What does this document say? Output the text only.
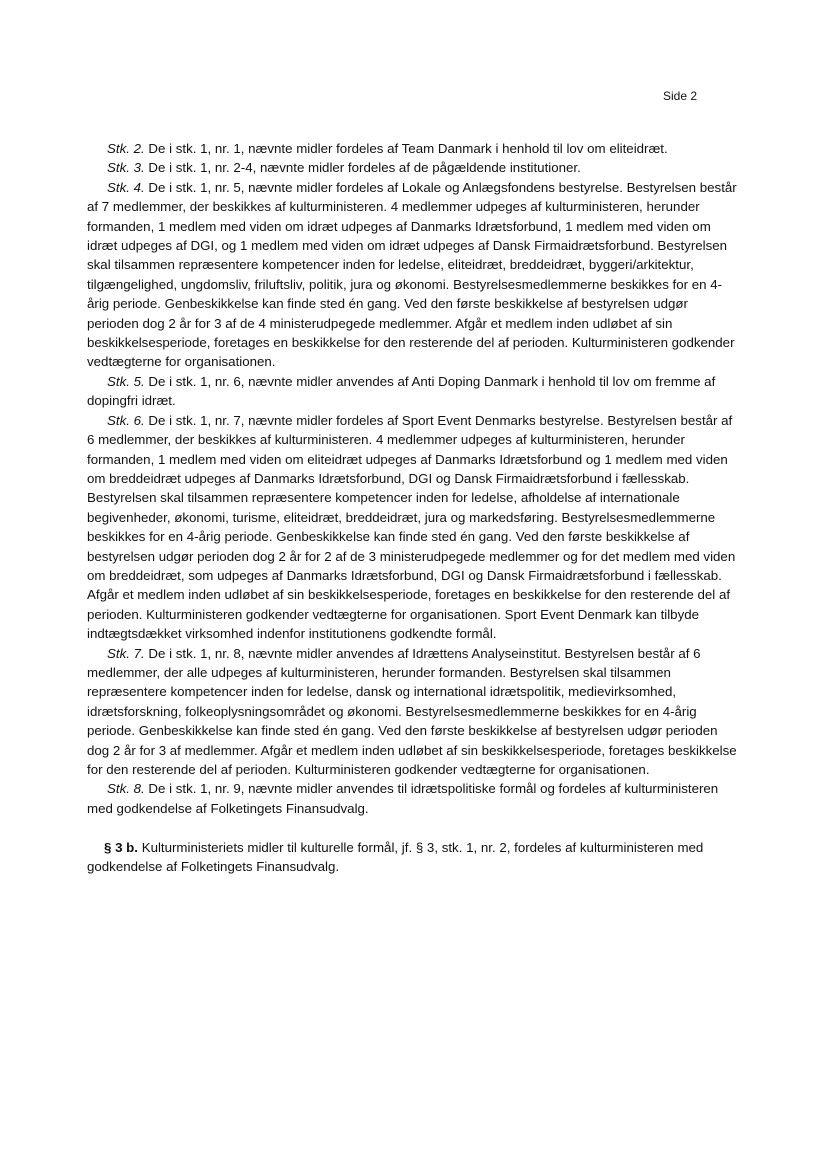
Side 2

Stk. 2. De i stk. 1, nr. 1, nævnte midler fordeles af Team Danmark i henhold til lov om eliteidræt.

Stk. 3. De i stk. 1, nr. 2-4, nævnte midler fordeles af de pågældende institutioner.

Stk. 4. De i stk. 1, nr. 5, nævnte midler fordeles af Lokale og Anlægsfondens bestyrelse. Bestyrelsen består af 7 medlemmer, der beskikkes af kulturministeren. 4 medlemmer udpeges af kulturministeren, herunder formanden, 1 medlem med viden om idræt udpeges af Danmarks Idrætsforbund, 1 medlem med viden om idræt udpeges af DGI, og 1 medlem med viden om idræt udpeges af Dansk Firmaidrætsforbund. Bestyrelsen skal tilsammen repræsentere kompetencer inden for ledelse, eliteidræt, breddeidræt, byggeri/arkitektur, tilgængelighed, ungdomsliv, friluftsliv, politik, jura og økonomi. Bestyrelsesmedlemmerne beskikkes for en 4-årig periode. Genbeskikkelse kan finde sted én gang. Ved den første beskikkelse af bestyrelsen udgør perioden dog 2 år for 3 af de 4 ministerudpegede medlemmer. Afgår et medlem inden udløbet af sin beskikkelsesperiode, foretages en beskikkelse for den resterende del af perioden. Kulturministeren godkender vedtægterne for organisationen.

Stk. 5. De i stk. 1, nr. 6, nævnte midler anvendes af Anti Doping Danmark i henhold til lov om fremme af dopingfri idræt.

Stk. 6. De i stk. 1, nr. 7, nævnte midler fordeles af Sport Event Denmarks bestyrelse. Bestyrelsen består af 6 medlemmer, der beskikkes af kulturministeren. 4 medlemmer udpeges af kulturministeren, herunder formanden, 1 medlem med viden om eliteidræt udpeges af Danmarks Idrætsforbund og 1 medlem med viden om breddeidræt udpeges af Danmarks Idrætsforbund, DGI og Dansk Firmaidrætsforbund i fællesskab. Bestyrelsen skal tilsammen repræsentere kompetencer inden for ledelse, afholdelse af internationale begivenheder, økonomi, turisme, eliteidræt, breddeidræt, jura og markedsføring. Bestyrelsesmedlemmerne beskikkes for en 4-årig periode. Genbeskikkelse kan finde sted én gang. Ved den første beskikkelse af bestyrelsen udgør perioden dog 2 år for 2 af de 3 ministerudpegede medlemmer og for det medlem med viden om breddeidræt, som udpeges af Danmarks Idrætsforbund, DGI og Dansk Firmaidrætsforbund i fællesskab. Afgår et medlem inden udløbet af sin beskikkelsesperiode, foretages en beskikkelse for den resterende del af perioden. Kulturministeren godkender vedtægterne for organisationen. Sport Event Denmark kan tilbyde indtægtsdækket virksomhed indenfor institutionens godkendte formål.

Stk. 7. De i stk. 1, nr. 8, nævnte midler anvendes af Idrættens Analyseinstitut. Bestyrelsen består af 6 medlemmer, der alle udpeges af kulturministeren, herunder formanden. Bestyrelsen skal tilsammen repræsentere kompetencer inden for ledelse, dansk og international idrætspolitik, medievirksomhed, idrætsforskning, folkeoplysningsområdet og økonomi. Bestyrelsesmedlemmerne beskikkes for en 4-årig periode. Genbeskikkelse kan finde sted én gang. Ved den første beskikkelse af bestyrelsen udgør perioden dog 2 år for 3 af medlemmer. Afgår et medlem inden udløbet af sin beskikkelsesperiode, foretages beskikkelse for den resterende del af perioden. Kulturministeren godkender vedtægterne for organisationen.

Stk. 8. De i stk. 1, nr. 9, nævnte midler anvendes til idrætspolitiske formål og fordeles af kulturministeren med godkendelse af Folketingets Finansudvalg.

§ 3 b. Kulturministeriets midler til kulturelle formål, jf. § 3, stk. 1, nr. 2, fordeles af kulturministeren med godkendelse af Folketingets Finansudvalg.
